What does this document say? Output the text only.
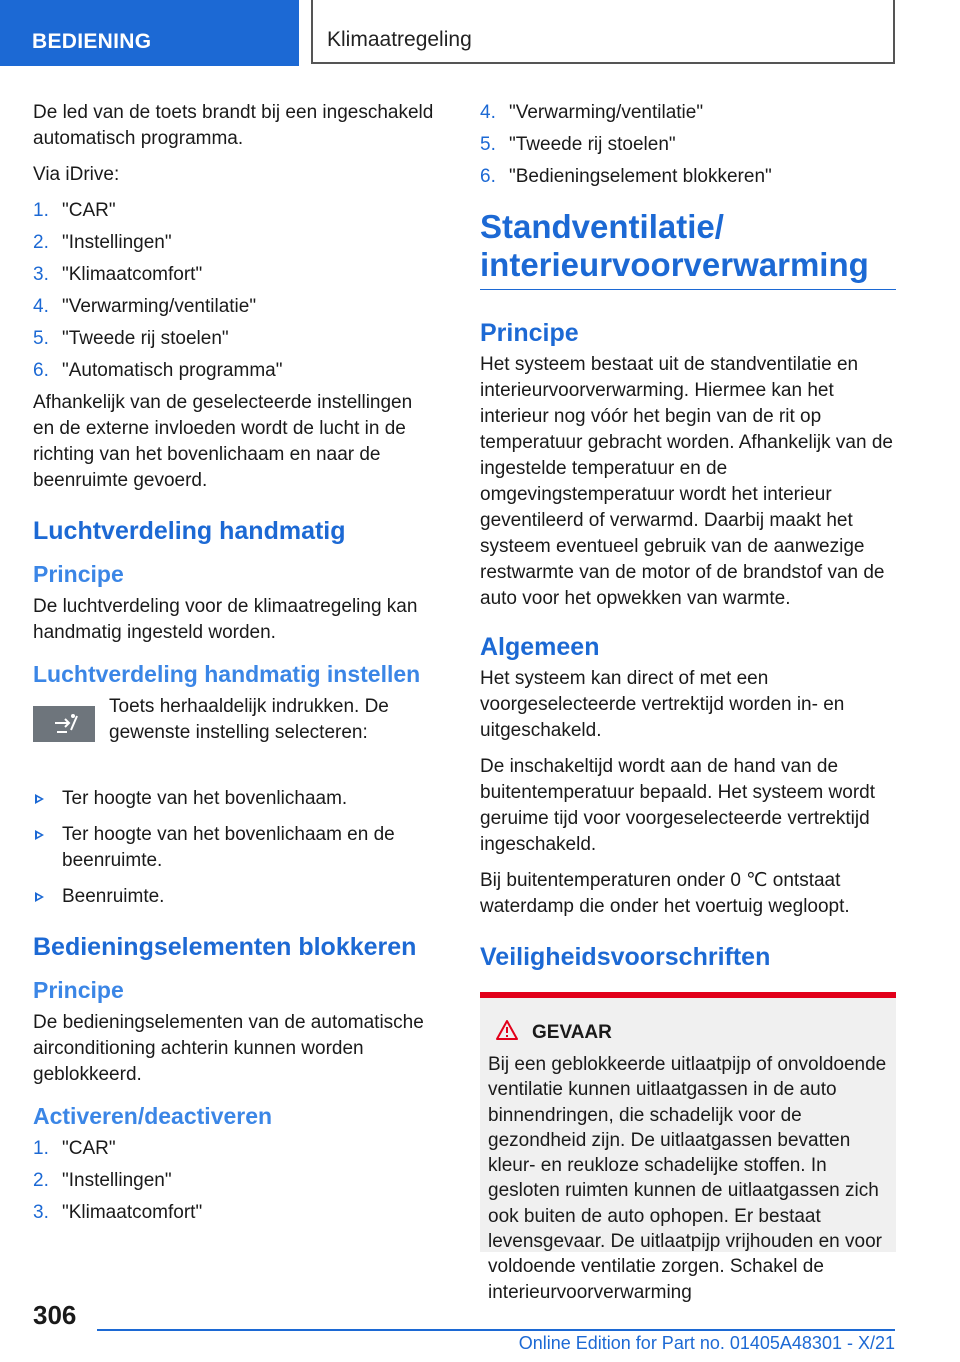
BEDIENING	Klimaatregeling

De led van de toets brandt bij een ingeschakeld automatisch programma.

Via iDrive:

1. "CAR"
2. "Instellingen"
3. "Klimaatcomfort"
4. "Verwarming/ventilatie"
5. "Tweede rij stoelen"
6. "Automatisch programma"

Afhankelijk van de geselecteerde instellingen en de externe invloeden wordt de lucht in de richting van het bovenlichaam en naar de beenruimte gevoerd.

Luchtverdeling handmatig
Principe

De luchtverdeling voor de klimaatregeling kan handmatig ingesteld worden.

Luchtverdeling handmatig instellen
Toets herhaaldelijk indrukken. De gewenste instelling selecteren:
Ter hoogte van het bovenlichaam.
Ter hoogte van het bovenlichaam en de beenruimte.
Beenruimte.
Bedieningselementen blokkeren
Principe

De bedieningselementen van de automatische airconditioning achterin kunnen worden geblokkeerd.

Activeren/deactiveren
1. "CAR"
2. "Instellingen"
3. "Klimaatcomfort"
4. "Verwarming/ventilatie"
5. "Tweede rij stoelen"
6. "Bedieningselement blokkeren"
Standventilatie/
interieurvoorverwarming
Principe

Het systeem bestaat uit de standventilatie en interieurvoorverwarming. Hiermee kan het interieur nog vóór het begin van de rit op temperatuur gebracht worden. Afhankelijk van de ingestelde temperatuur en de omgevingstemperatuur wordt het interieur geventileerd of verwarmd. Daarbij maakt het systeem eventueel gebruik van de aanwezige restwarmte van de motor of de brandstof van de auto voor het opwekken van warmte.

Algemeen

Het systeem kan direct of met een voorgeselecteerde vertrektijd worden in- en uitgeschakeld.

De inschakeltijd wordt aan de hand van de buitentemperatuur bepaald. Het systeem wordt geruime tijd voor voorgeselecteerde vertrektijd ingeschakeld.

Bij buitentemperaturen onder 0 ℃ ontstaat waterdamp die onder het voertuig wegloopt.

Veiligheidsvoorschriften
GEVAAR

Bij een geblokkeerde uitlaatpijp of onvoldoende ventilatie kunnen uitlaatgassen in de auto binnendringen, die schadelijk voor de gezondheid zijn. De uitlaatgassen bevatten kleur- en reukloze schadelijke stoffen. In gesloten ruimten kunnen de uitlaatgassen zich ook buiten de auto ophopen. Er bestaat levensgevaar. De uitlaatpijp vrijhouden en voor voldoende ventilatie zorgen. Schakel de interieurvoorverwarming

306
Online Edition for Part no. 01405A48301 - X/21
